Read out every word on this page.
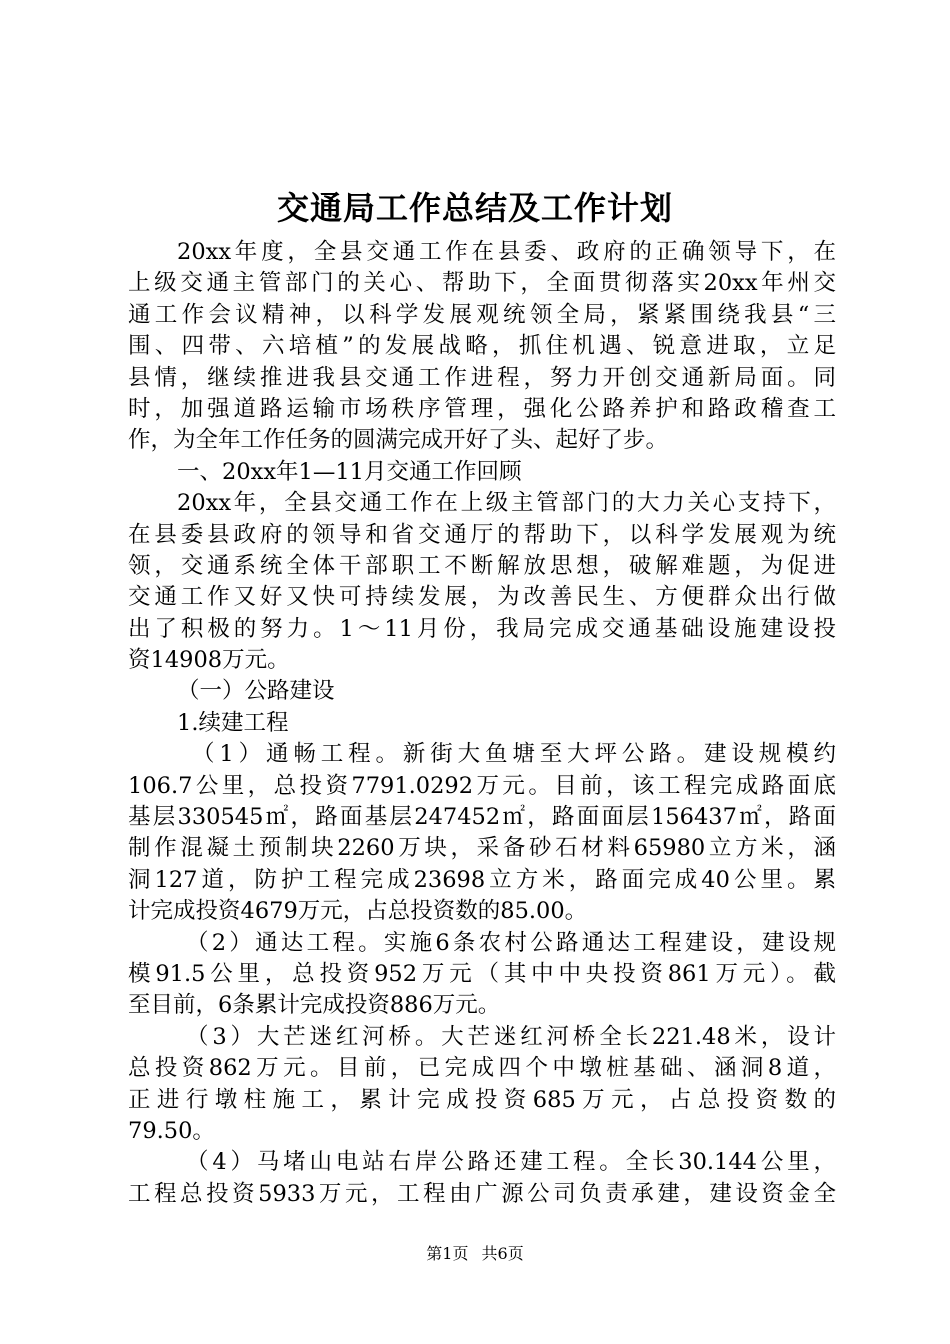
交通局工作总结及工作计划
20xx年度，全县交通工作在县委、政府的正确领导下，在
上级交通主管部门的关心、帮助下，全面贯彻落实20xx年州交
通工作会议精神，以科学发展观统领全局，紧紧围绕我县“三
围、四带、六培植”的发展战略，抓住机遇、锐意进取，立足
县情，继续推进我县交通工作进程，努力开创交通新局面。同
时，加强道路运输市场秩序管理，强化公路养护和路政稽查工
作，为全年工作任务的圆满完成开好了头、起好了步。
一、20xx年1—11月交通工作回顾
20xx年，全县交通工作在上级主管部门的大力关心支持下，
在县委县政府的领导和省交通厅的帮助下，以科学发展观为统
领，交通系统全体干部职工不断解放思想，破解难题，为促进
交通工作又好又快可持续发展，为改善民生、方便群众出行做
出了积极的努力。1～11月份，我局完成交通基础设施建设投
资14908万元。
（一）公路建设
1.续建工程
（1）通畅工程。新街大鱼塘至大坪公路。建设规模约
106.7公里，总投资7791.0292万元。目前，该工程完成路面底
基层330545㎡，路面基层247452㎡，路面面层156437㎡，路面
制作混凝土预制块2260万块，采备砂石材料65980立方米，涵
洞127道，防护工程完成23698立方米，路面完成40公里。累
计完成投资4679万元，占总投资数的85.00。
（2）通达工程。实施6条农村公路通达工程建设，建设规
模91.5公里，总投资952万元（其中中央投资861万元）。截
至目前，6条累计完成投资886万元。
（3）大芒迷红河桥。大芒迷红河桥全长221.48米，设计
总投资862万元。目前，已完成四个中墩桩基础、涵洞8道，
正进行墩柱施工，累计完成投资685万元，占总投资数的
79.50。
（4）马堵山电站右岸公路还建工程。全长30.144公里，
工程总投资5933万元，工程由广源公司负责承建，建设资金全
第1页 共6页
